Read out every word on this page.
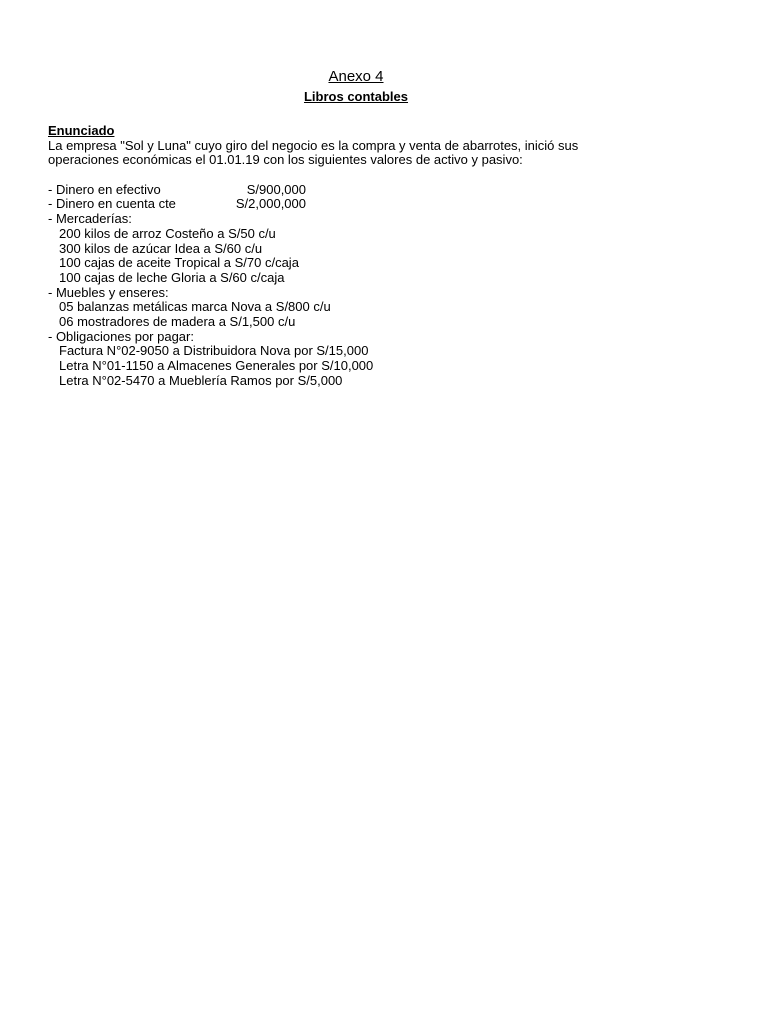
Anexo 4
Libros contables
Enunciado
La empresa "Sol y Luna" cuyo giro del negocio es la compra y venta de abarrotes, inició sus
operaciones económicas el 01.01.19 con los siguientes valores de activo y pasivo:
- Dinero en efectivo	S/900,000
- Dinero en cuenta cte	S/2,000,000
- Mercaderías:
200 kilos de arroz Costeño a S/50 c/u
300 kilos de azúcar Idea a S/60 c/u
100 cajas de aceite Tropical a S/70 c/caja
100 cajas de leche Gloria a S/60 c/caja
- Muebles y enseres:
05 balanzas metálicas marca Nova a S/800 c/u
06 mostradores de madera a S/1,500 c/u
- Obligaciones por pagar:
Factura N°02-9050 a Distribuidora Nova por S/15,000
Letra N°01-1150 a Almacenes Generales por S/10,000
Letra N°02-5470 a Mueblería Ramos por S/5,000
